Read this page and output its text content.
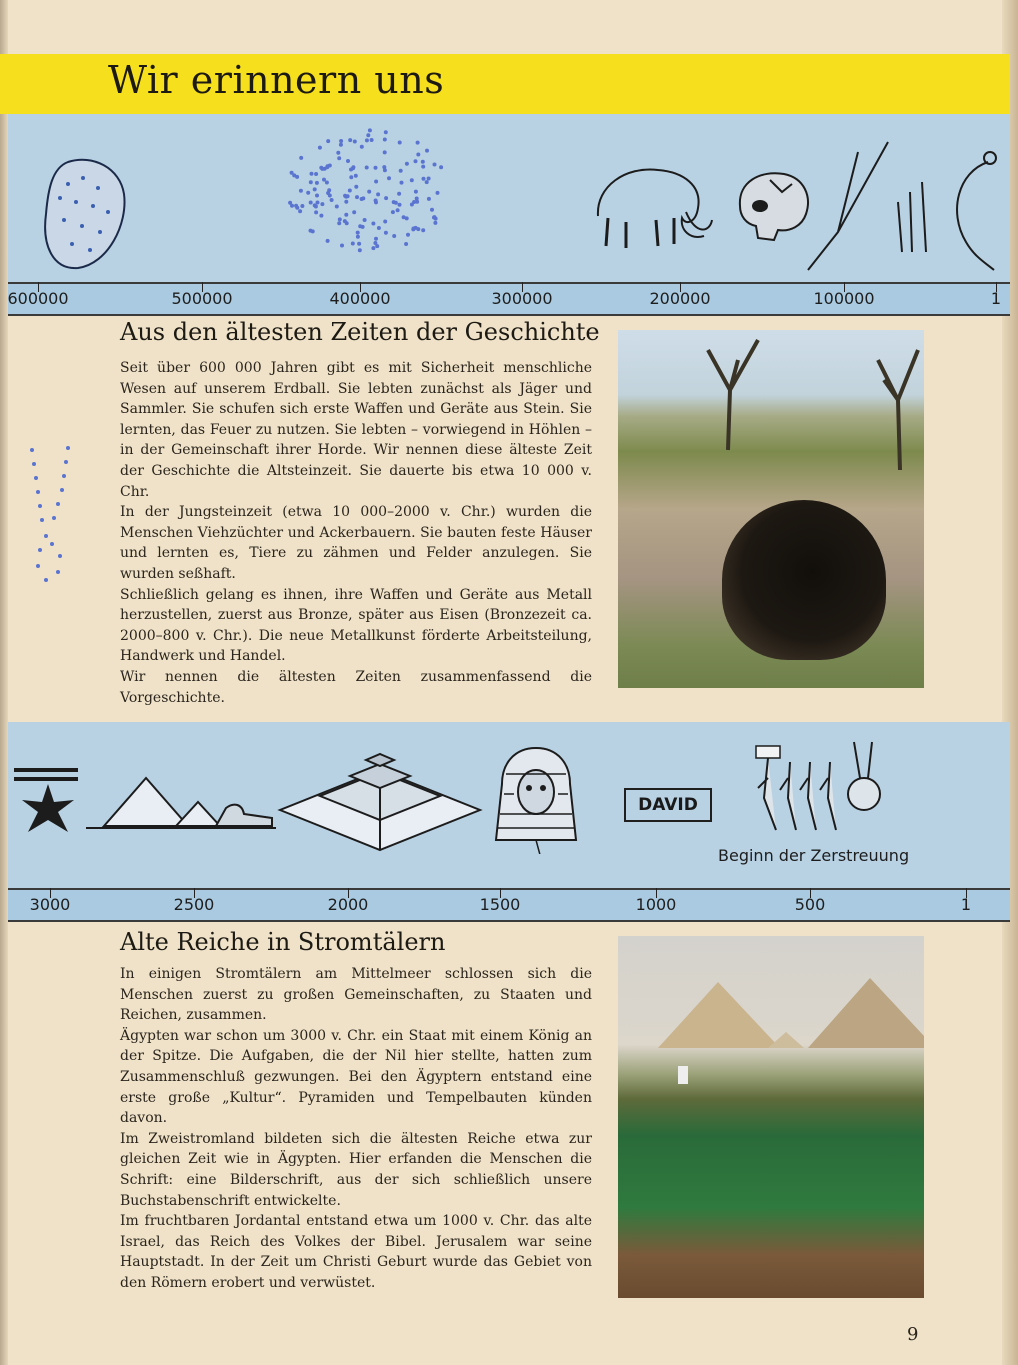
Wir erinnern uns
600000	500000	400000	300000	200000	100000	1
Aus den ältesten Zeiten der Geschichte

Seit über 600 000 Jahren gibt es mit Sicherheit menschliche Wesen auf unserem Erdball. Sie lebten zunächst als Jäger und Sammler. Sie schufen sich erste Waffen und Geräte aus Stein. Sie lernten, das Feuer zu nutzen. Sie lebten – vorwiegend in Höhlen – in der Gemeinschaft ihrer Horde. Wir nennen diese älteste Zeit der Geschichte die Altsteinzeit. Sie dauerte bis etwa 10 000 v. Chr.

In der Jungsteinzeit (etwa 10 000–2000 v. Chr.) wurden die Menschen Viehzüchter und Ackerbauern. Sie bauten feste Häuser und lernten es, Tiere zu zähmen und Felder anzulegen. Sie wurden seßhaft.

Schließlich gelang es ihnen, ihre Waffen und Geräte aus Metall herzustellen, zuerst aus Bronze, später aus Eisen (Bronzezeit ca. 2000–800 v. Chr.). Die neue Metallkunst förderte Arbeitsteilung, Handwerk und Handel.

Wir nennen die ältesten Zeiten zusammenfassend die Vorgeschichte.

DAVID
Beginn der Zerstreuung
3000	2500	2000	1500	1000	500	1
Alte Reiche in Stromtälern

In einigen Stromtälern am Mittelmeer schlossen sich die Menschen zuerst zu großen Gemeinschaften, zu Staaten und Reichen, zusammen.

Ägypten war schon um 3000 v. Chr. ein Staat mit einem König an der Spitze. Die Aufgaben, die der Nil hier stellte, hatten zum Zusammenschluß gezwungen. Bei den Ägyptern entstand eine erste große „Kultur“. Pyramiden und Tempelbauten künden davon.

Im Zweistromland bildeten sich die ältesten Reiche etwa zur gleichen Zeit wie in Ägypten. Hier erfanden die Menschen die Schrift: eine Bilderschrift, aus der sich schließlich unsere Buchstabenschrift entwickelte.

Im fruchtbaren Jordantal entstand etwa um 1000 v. Chr. das alte Israel, das Reich des Volkes der Bibel. Jerusalem war seine Hauptstadt. In der Zeit um Christi Geburt wurde das Gebiet von den Römern erobert und verwüstet.

9
